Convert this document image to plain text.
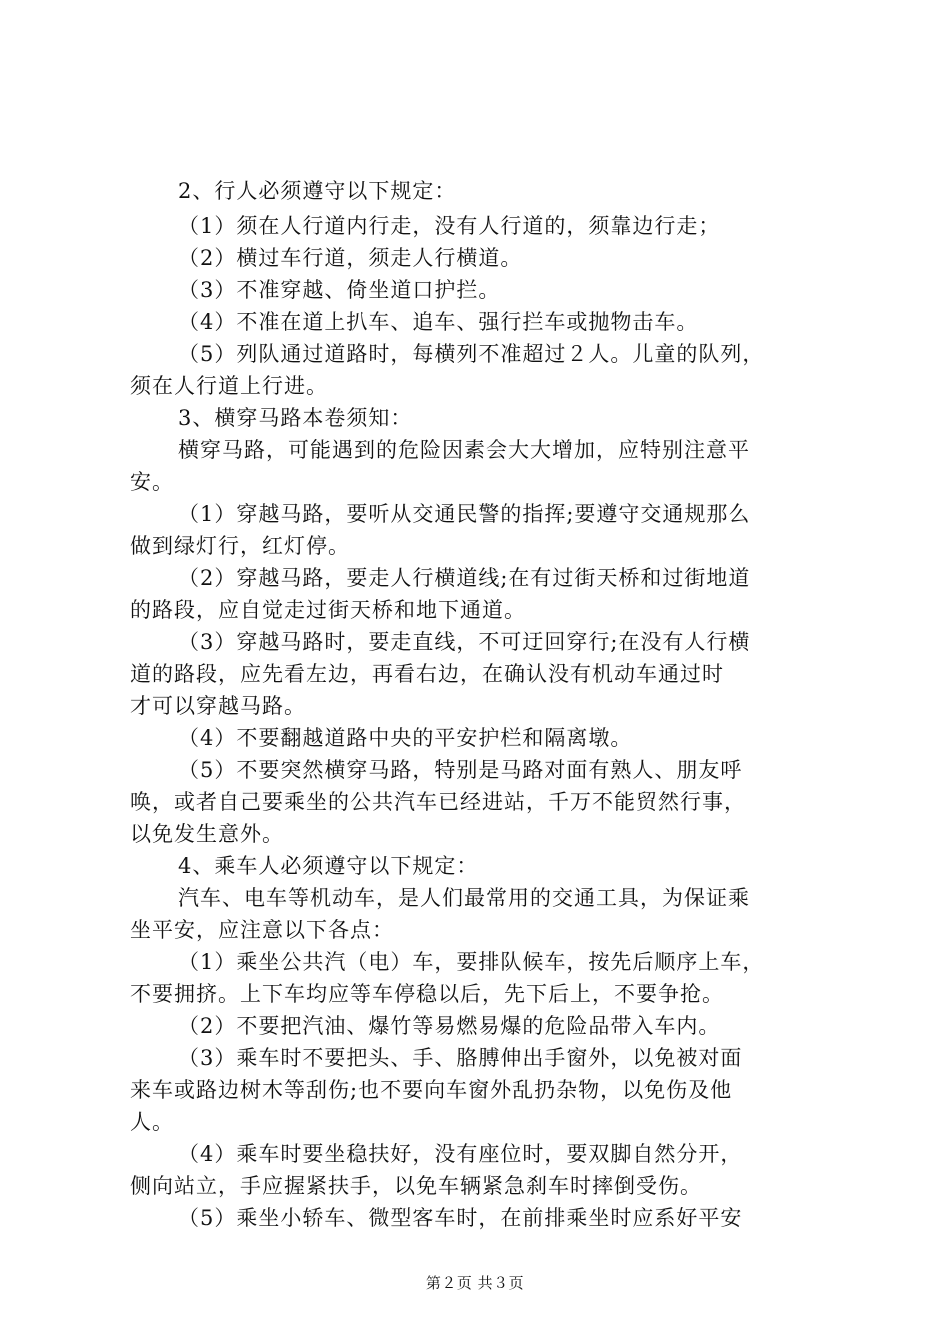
2、行人必须遵守以下规定：
（1）须在人行道内行走，没有人行道的，须靠边行走；
（2）横过车行道，须走人行横道。
（3）不准穿越、倚坐道口护拦。
（4）不准在道上扒车、追车、强行拦车或抛物击车。
（5）列队通过道路时，每横列不准超过２人。儿童的队列，
须在人行道上行进。
3、横穿马路本卷须知：
横穿马路，可能遇到的危险因素会大大增加，应特别注意平
安。
（1）穿越马路，要听从交通民警的指挥;要遵守交通规那么
做到绿灯行，红灯停。
（2）穿越马路，要走人行横道线;在有过街天桥和过街地道
的路段，应自觉走过街天桥和地下通道。
（3）穿越马路时，要走直线，不可迂回穿行;在没有人行横
道的路段，应先看左边，再看右边，在确认没有机动车通过时
才可以穿越马路。
（4）不要翻越道路中央的平安护栏和隔离墩。
（5）不要突然横穿马路，特别是马路对面有熟人、朋友呼
唤，或者自己要乘坐的公共汽车已经进站，千万不能贸然行事，
以免发生意外。
4、乘车人必须遵守以下规定：
汽车、电车等机动车，是人们最常用的交通工具，为保证乘
坐平安，应注意以下各点：
（1）乘坐公共汽（电）车，要排队候车，按先后顺序上车，
不要拥挤。上下车均应等车停稳以后，先下后上，不要争抢。
（2）不要把汽油、爆竹等易燃易爆的危险品带入车内。
（3）乘车时不要把头、手、胳膊伸出手窗外，以免被对面
来车或路边树木等刮伤;也不要向车窗外乱扔杂物，以免伤及他
人。
（4）乘车时要坐稳扶好，没有座位时，要双脚自然分开，
侧向站立，手应握紧扶手，以免车辆紧急刹车时摔倒受伤。
（5）乘坐小轿车、微型客车时，在前排乘坐时应系好平安
第２页 共３页
